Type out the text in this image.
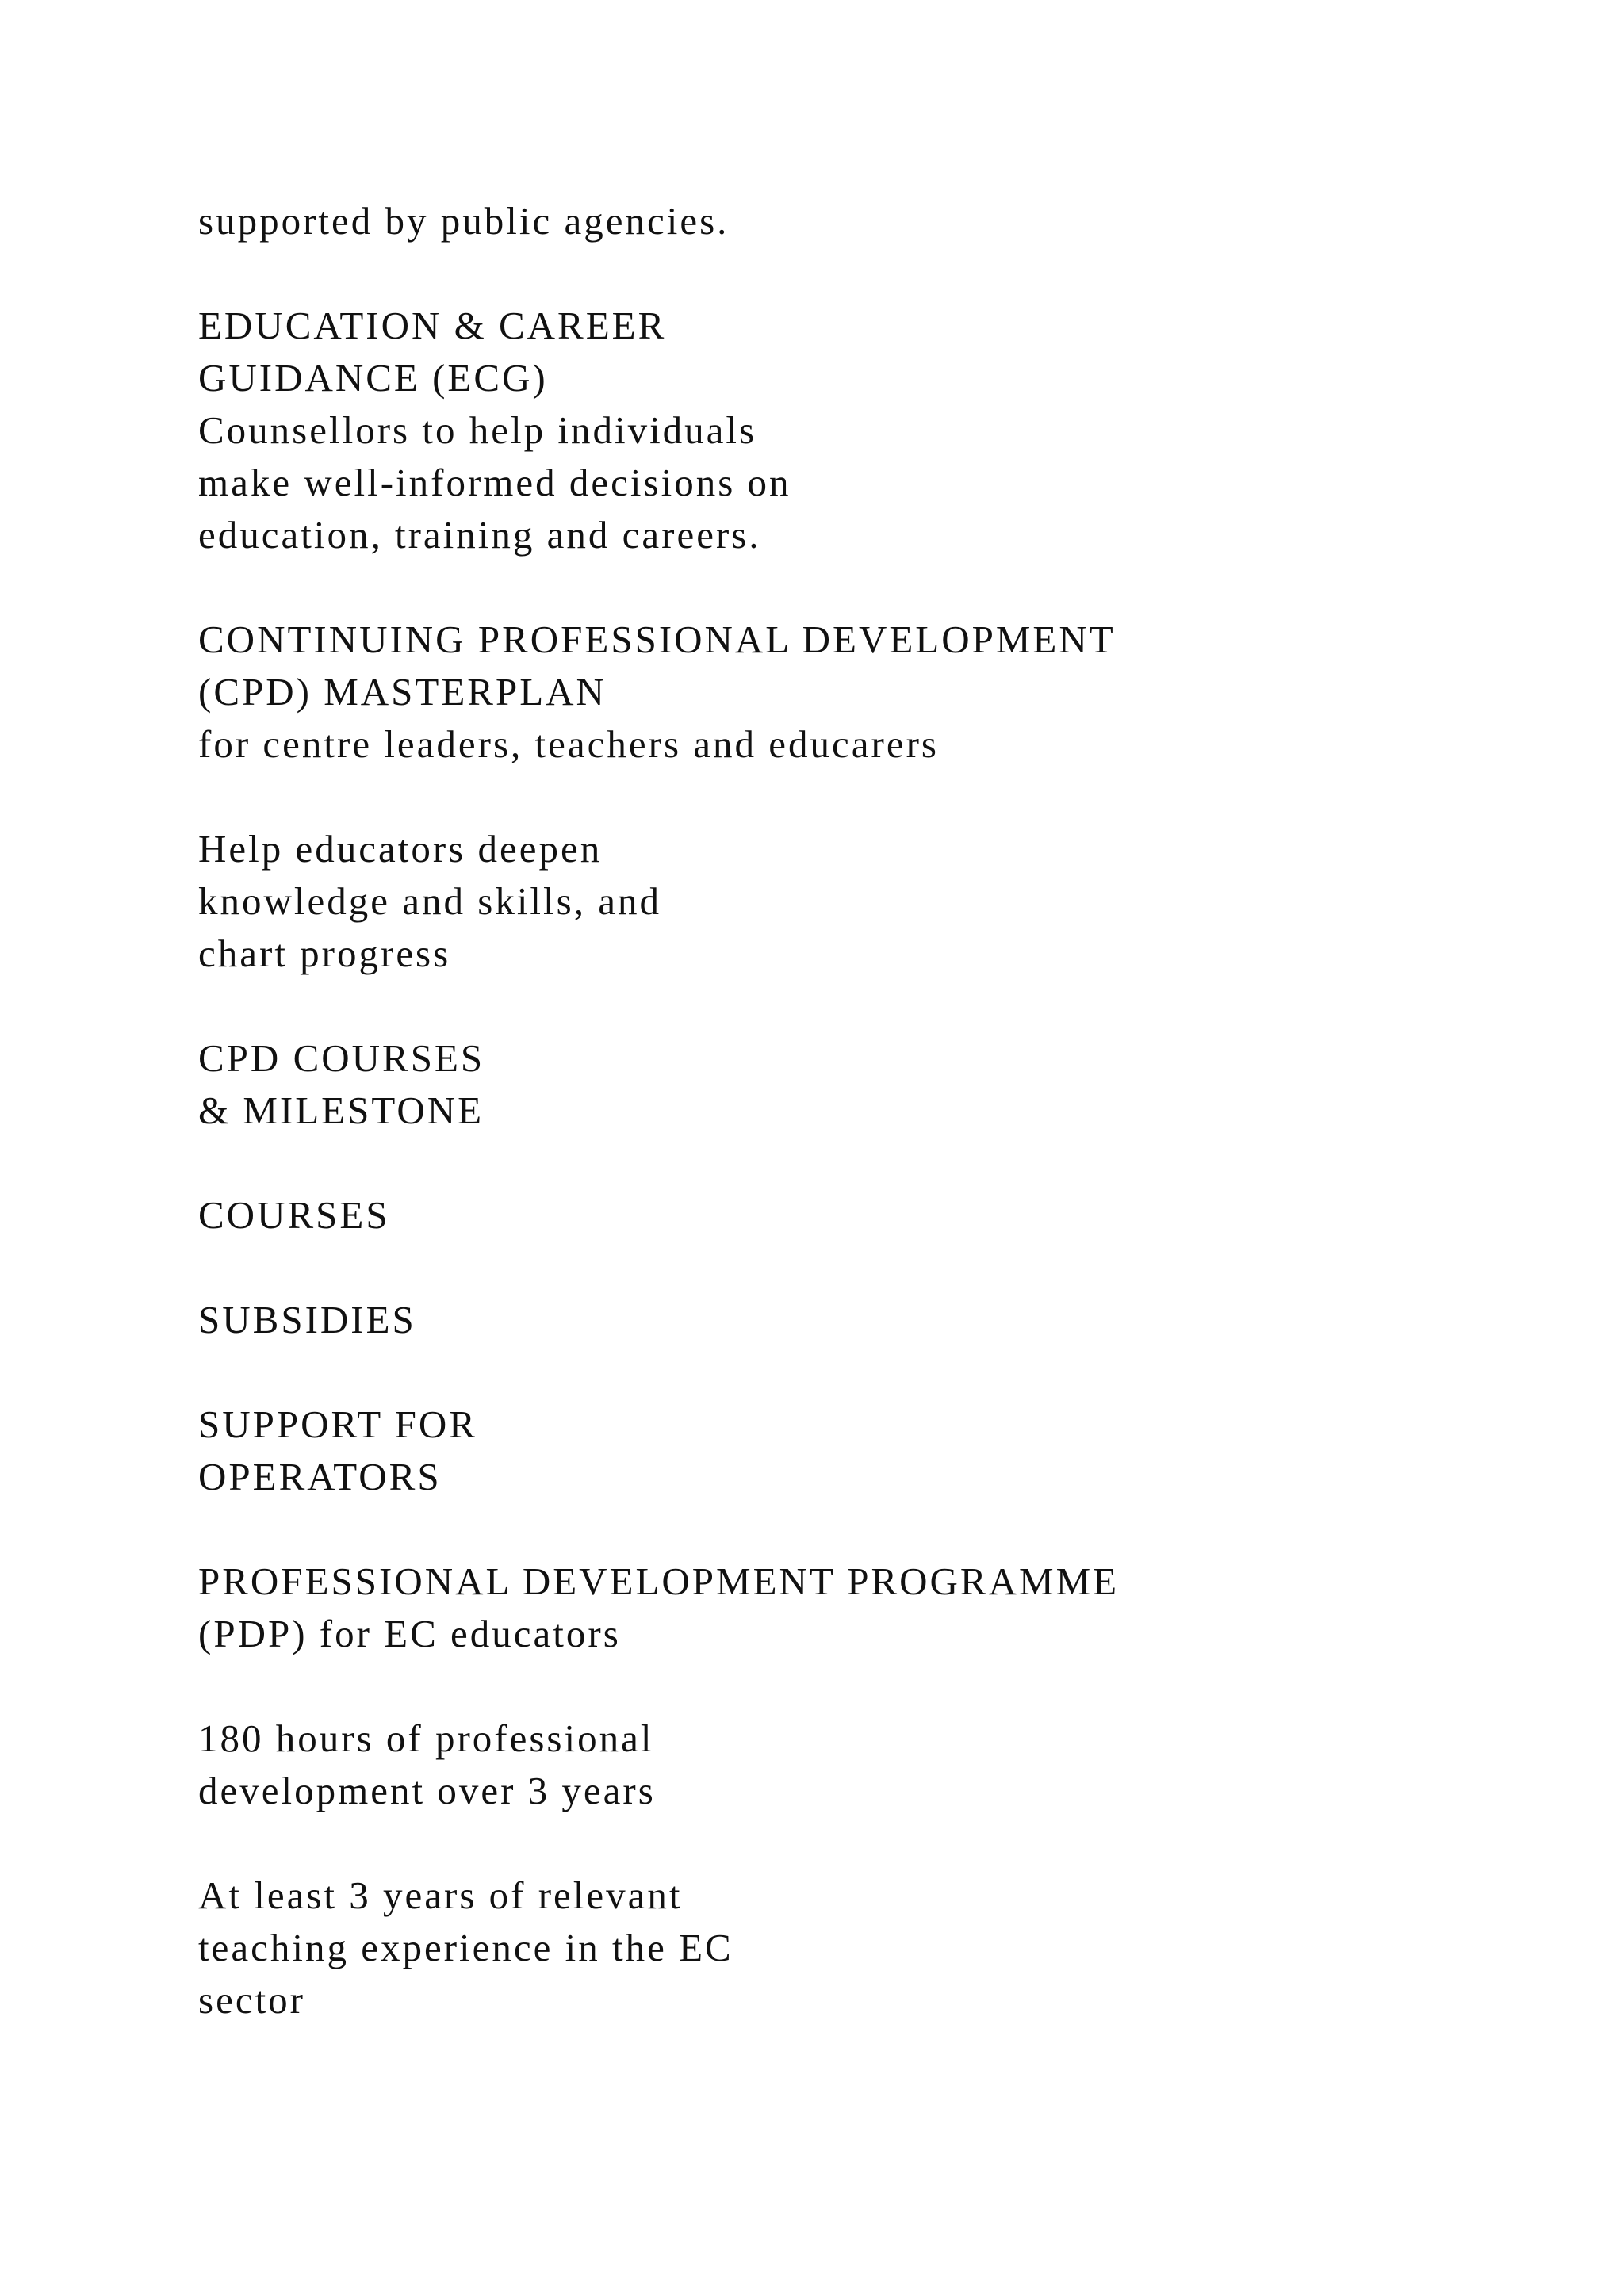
supported by public agencies.
EDUCATION & CAREER
GUIDANCE (ECG)
Counsellors to help individuals
make well-informed decisions on
education, training and careers.
CONTINUING PROFESSIONAL DEVELOPMENT
(CPD) MASTERPLAN
for centre leaders, teachers and educarers
Help educators deepen
knowledge and skills, and
chart progress
CPD COURSES
& MILESTONE
COURSES
SUBSIDIES
SUPPORT FOR
OPERATORS
PROFESSIONAL DEVELOPMENT PROGRAMME
(PDP) for EC educators
180 hours of professional
development over 3 years
At least 3 years of relevant
teaching experience in the EC
sector
